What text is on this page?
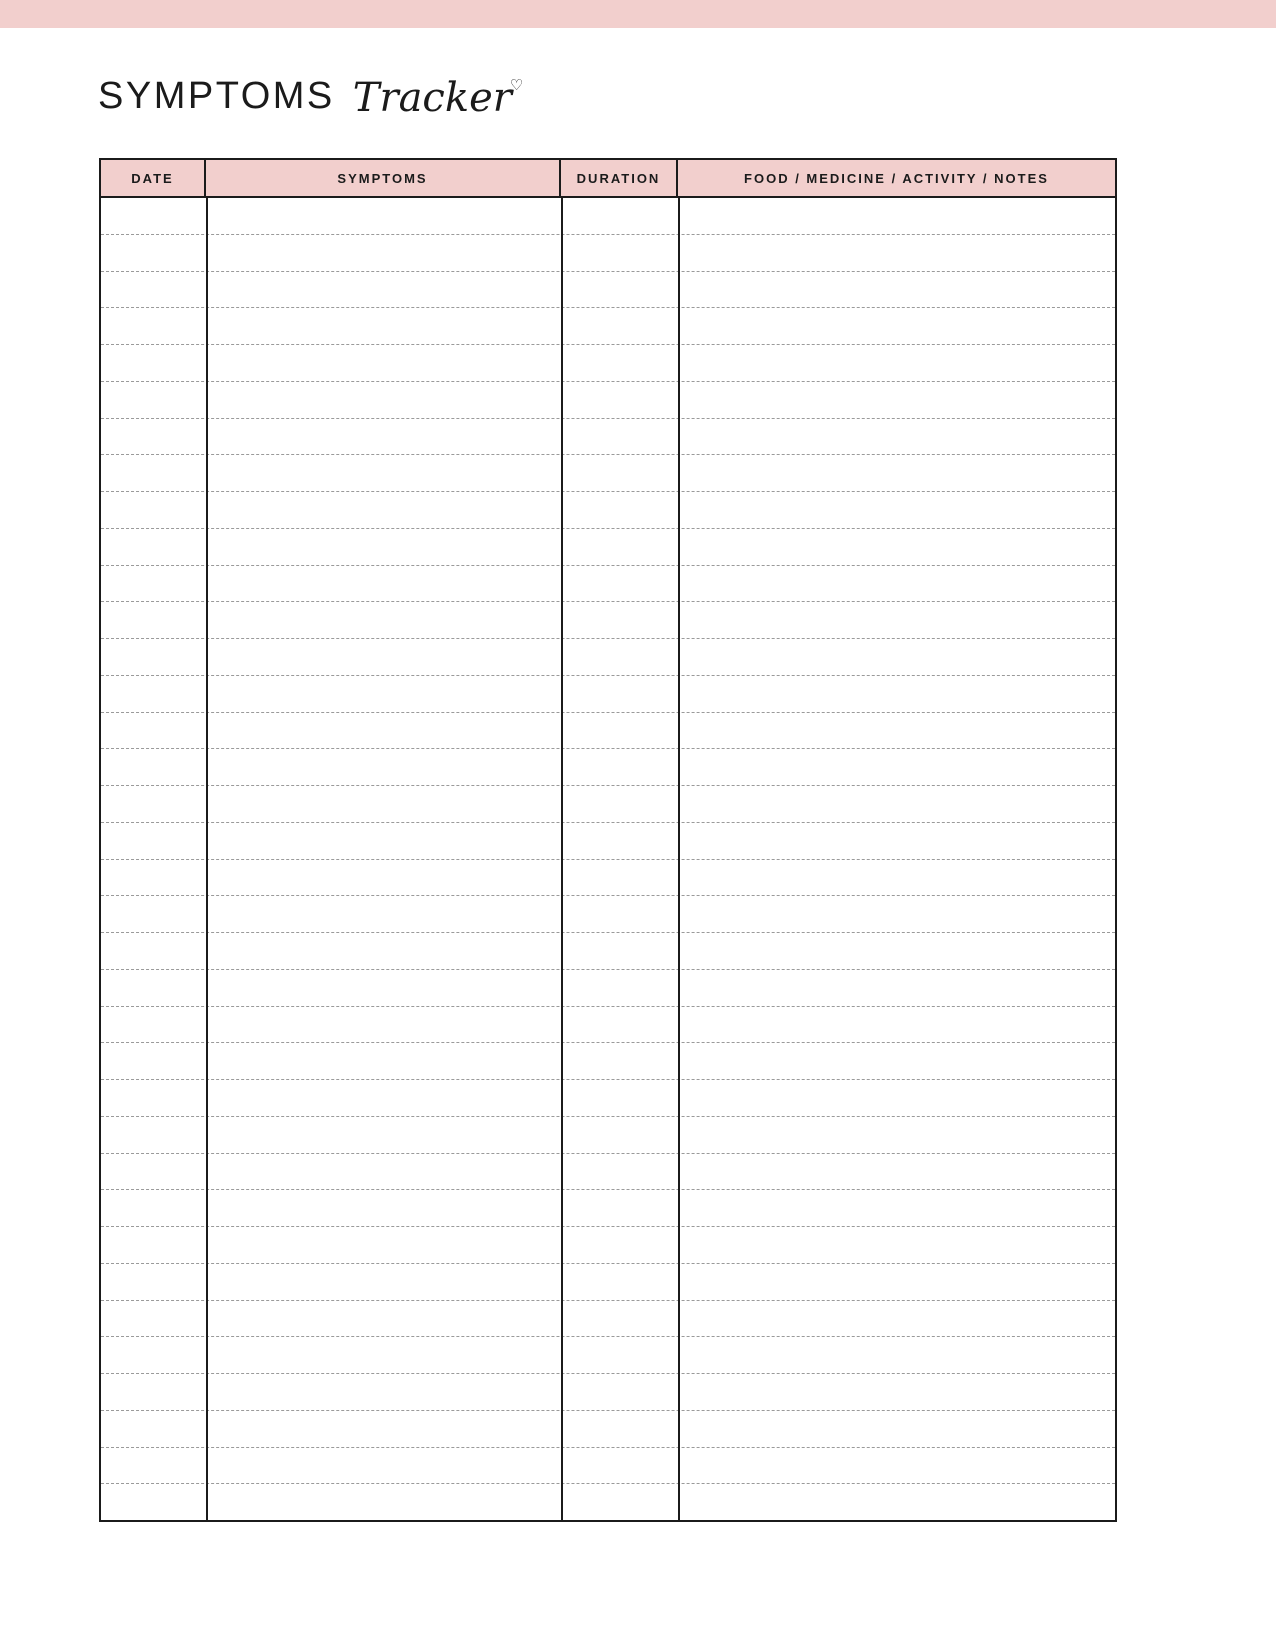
SYMPTOMS Tracker
♡
DATE	SYMPTOMS	DURATION	FOOD / MEDICINE / ACTIVITY / NOTES
